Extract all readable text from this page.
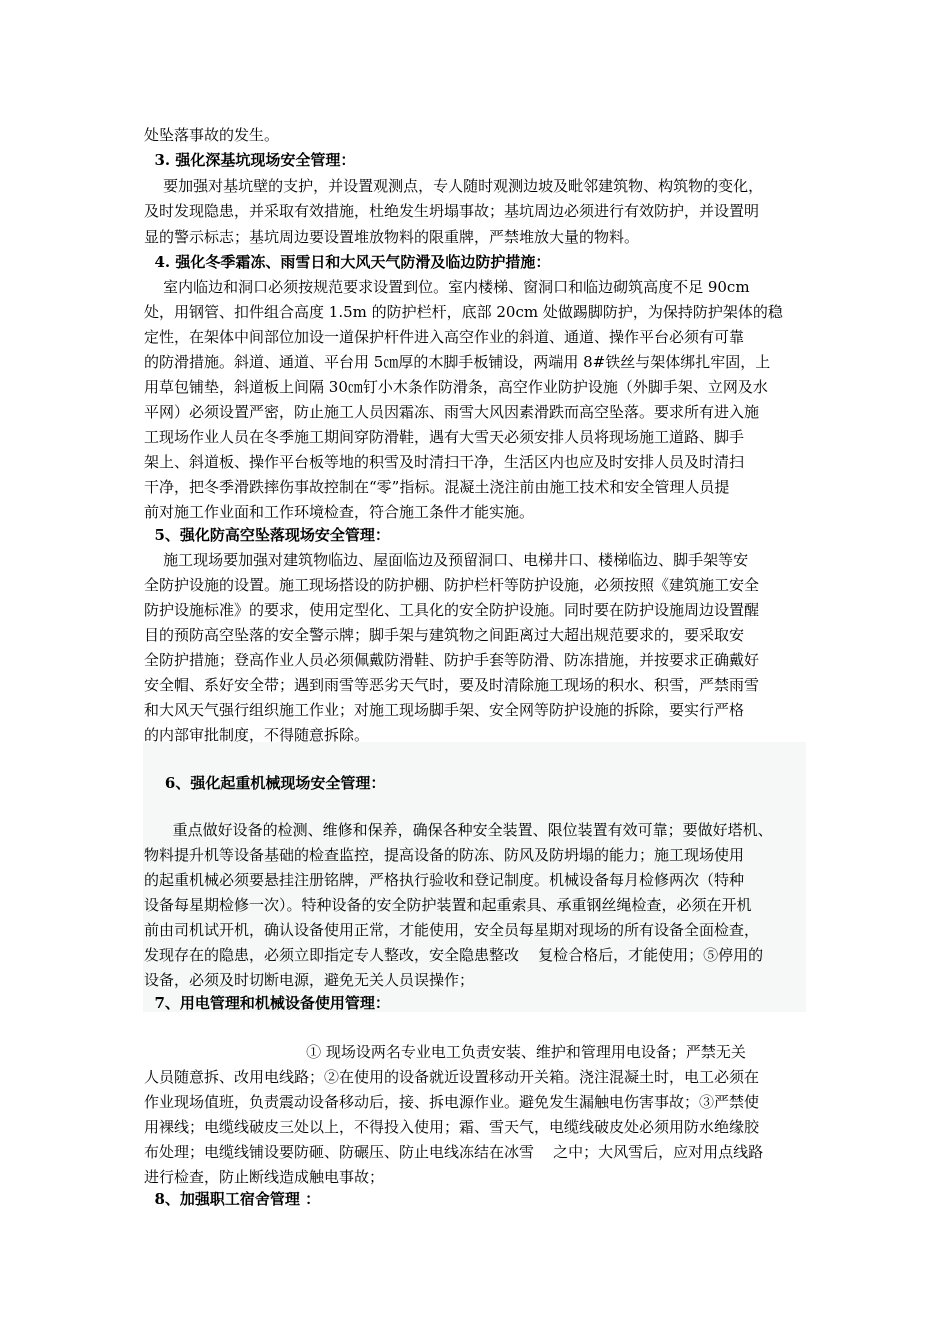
处坠落事故的发生。
3. 强化深基坑现场安全管理：
要加强对基坑壁的支护，并设置观测点，专人随时观测边坡及毗邻建筑物、构筑物的变化，
及时发现隐患，并采取有效措施，杜绝发生坍塌事故；基坑周边必须进行有效防护，并设置明
显的警示标志；基坑周边要设置堆放物料的限重牌，严禁堆放大量的物料。
4. 强化冬季霜冻、雨雪日和大风天气防滑及临边防护措施：
室内临边和洞口必须按规范要求设置到位。室内楼梯、窗洞口和临边砌筑高度不足 90cm
处，用钢管、扣件组合高度 1.5m 的防护栏杆，底部 20cm 处做踢脚防护，为保持防护架体的稳
定性，在架体中间部位加设一道保护杆件进入高空作业的斜道、通道、操作平台必须有可靠
的防滑措施。斜道、通道、平台用 5㎝厚的木脚手板铺设，两端用 8#铁丝与架体绑扎牢固，上
用草包铺垫，斜道板上间隔 30㎝钉小木条作防滑条，高空作业防护设施（外脚手架、立网及水
平网）必须设置严密，防止施工人员因霜冻、雨雪大风因素滑跌而高空坠落。要求所有进入施
工现场作业人员在冬季施工期间穿防滑鞋，遇有大雪天必须安排人员将现场施工道路、脚手
架上、斜道板、操作平台板等地的积雪及时清扫干净，生活区内也应及时安排人员及时清扫
干净，把冬季滑跌摔伤事故控制在“零”指标。混凝土浇注前由施工技术和安全管理人员提
前对施工作业面和工作环境检查，符合施工条件才能实施。
5、强化防高空坠落现场安全管理：
施工现场要加强对建筑物临边、屋面临边及预留洞口、电梯井口、楼梯临边、脚手架等安
全防护设施的设置。施工现场搭设的防护棚、防护栏杆等防护设施，必须按照《建筑施工安全
防护设施标准》的要求，使用定型化、工具化的安全防护设施。同时要在防护设施周边设置醒
目的预防高空坠落的安全警示牌；脚手架与建筑物之间距离过大超出规范要求的，要采取安
全防护措施；登高作业人员必须佩戴防滑鞋、防护手套等防滑、防冻措施，并按要求正确戴好
安全帽、系好安全带；遇到雨雪等恶劣天气时，要及时清除施工现场的积水、积雪，严禁雨雪
和大风天气强行组织施工作业；对施工现场脚手架、安全网等防护设施的拆除，要实行严格
的内部审批制度，不得随意拆除。
6、强化起重机械现场安全管理：
重点做好设备的检测、维修和保养，确保各种安全装置、限位装置有效可靠；要做好塔机、
物料提升机等设备基础的检查监控，提高设备的防冻、防风及防坍塌的能力；施工现场使用
的起重机械必须要悬挂注册铭牌，严格执行验收和登记制度。机械设备每月检修两次（特种
设备每星期检修一次）。特种设备的安全防护装置和起重索具、承重钢丝绳检查，必须在开机
前由司机试开机，确认设备使用正常，才能使用，安全员每星期对现场的所有设备全面检查，
发现存在的隐患，必须立即指定专人整改，安全隐患整改    复检合格后，才能使用；⑤停用的
设备，必须及时切断电源，避免无关人员误操作；
7、用电管理和机械设备使用管理：
① 现场设两名专业电工负责安装、维护和管理用电设备；严禁无关
人员随意拆、改用电线路；②在使用的设备就近设置移动开关箱。浇注混凝土时，电工必须在
作业现场值班，负责震动设备移动后，接、拆电源作业。避免发生漏触电伤害事故；③严禁使
用裸线；电缆线破皮三处以上，不得投入使用；霜、雪天气，电缆线破皮处必须用防水绝缘胶
布处理；电缆线铺设要防砸、防碾压、防止电线冻结在冰雪    之中；大风雪后，应对用点线路
进行检查，防止断线造成触电事故；
8、加强职工宿舍管理 ：
